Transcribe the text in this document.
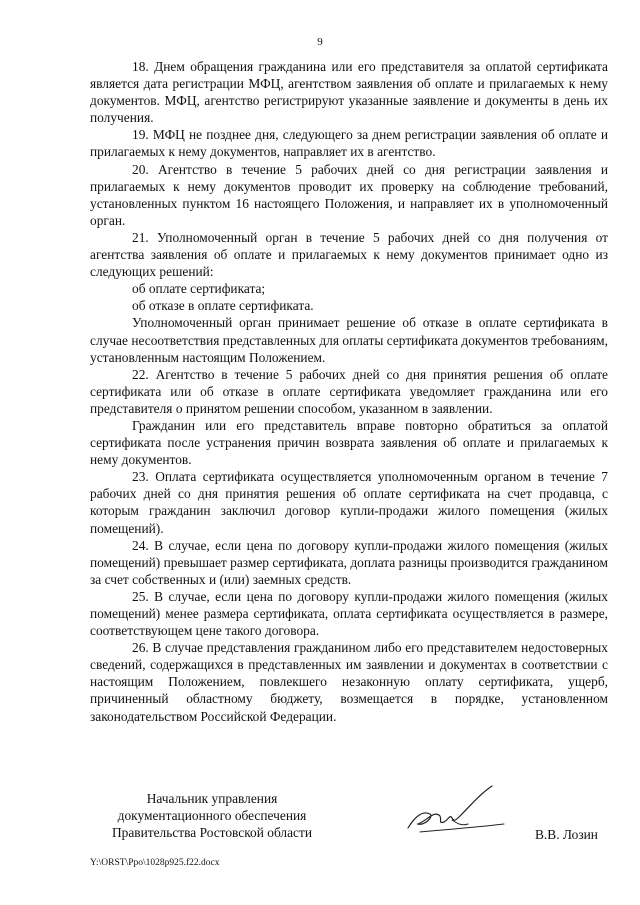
9

18. Днем обращения гражданина или его представителя за оплатой сертификата является дата регистрации МФЦ, агентством заявления об оплате и прилагаемых к нему документов. МФЦ, агентство регистрируют указанные заявление и документы в день их получения.

19. МФЦ не позднее дня, следующего за днем регистрации заявления об оплате и прилагаемых к нему документов, направляет их в агентство.

20. Агентство в течение 5 рабочих дней со дня регистрации заявления и прилагаемых к нему документов проводит их проверку на соблюдение требований, установленных пунктом 16 настоящего Положения, и направляет их в уполномоченный орган.

21. Уполномоченный орган в течение 5 рабочих дней со дня получения от агентства заявления об оплате и прилагаемых к нему документов принимает одно из следующих решений:

об оплате сертификата;

об отказе в оплате сертификата.

Уполномоченный орган принимает решение об отказе в оплате сертификата в случае несоответствия представленных для оплаты сертификата документов требованиям, установленным настоящим Положением.

22. Агентство в течение 5 рабочих дней со дня принятия решения об оплате сертификата или об отказе в оплате сертификата уведомляет гражданина или его представителя о принятом решении способом, указанном в заявлении.

Гражданин или его представитель вправе повторно обратиться за оплатой сертификата после устранения причин возврата заявления об оплате и прилагаемых к нему документов.

23. Оплата сертификата осуществляется уполномоченным органом в течение 7 рабочих дней со дня принятия решения об оплате сертификата на счет продавца, с которым гражданин заключил договор купли-продажи жилого помещения (жилых помещений).

24. В случае, если цена по договору купли-продажи жилого помещения (жилых помещений) превышает размер сертификата, доплата разницы производится гражданином за счет собственных и (или) заемных средств.

25. В случае, если цена по договору купли-продажи жилого помещения (жилых помещений) менее размера сертификата, оплата сертификата осуществляется в размере, соответствующем цене такого договора.

26. В случае представления гражданином либо его представителем недостоверных сведений, содержащихся в представленных им заявлении и документах в соответствии с настоящим Положением, повлекшего незаконную оплату сертификата, ущерб, причиненный областному бюджету, возмещается в порядке, установленном законодательством Российской Федерации.

Начальник управления
документационного обеспечения
Правительства Ростовской области	В.В. Лозин
Y:\ORST\Ppo\1028p925.f22.docx
